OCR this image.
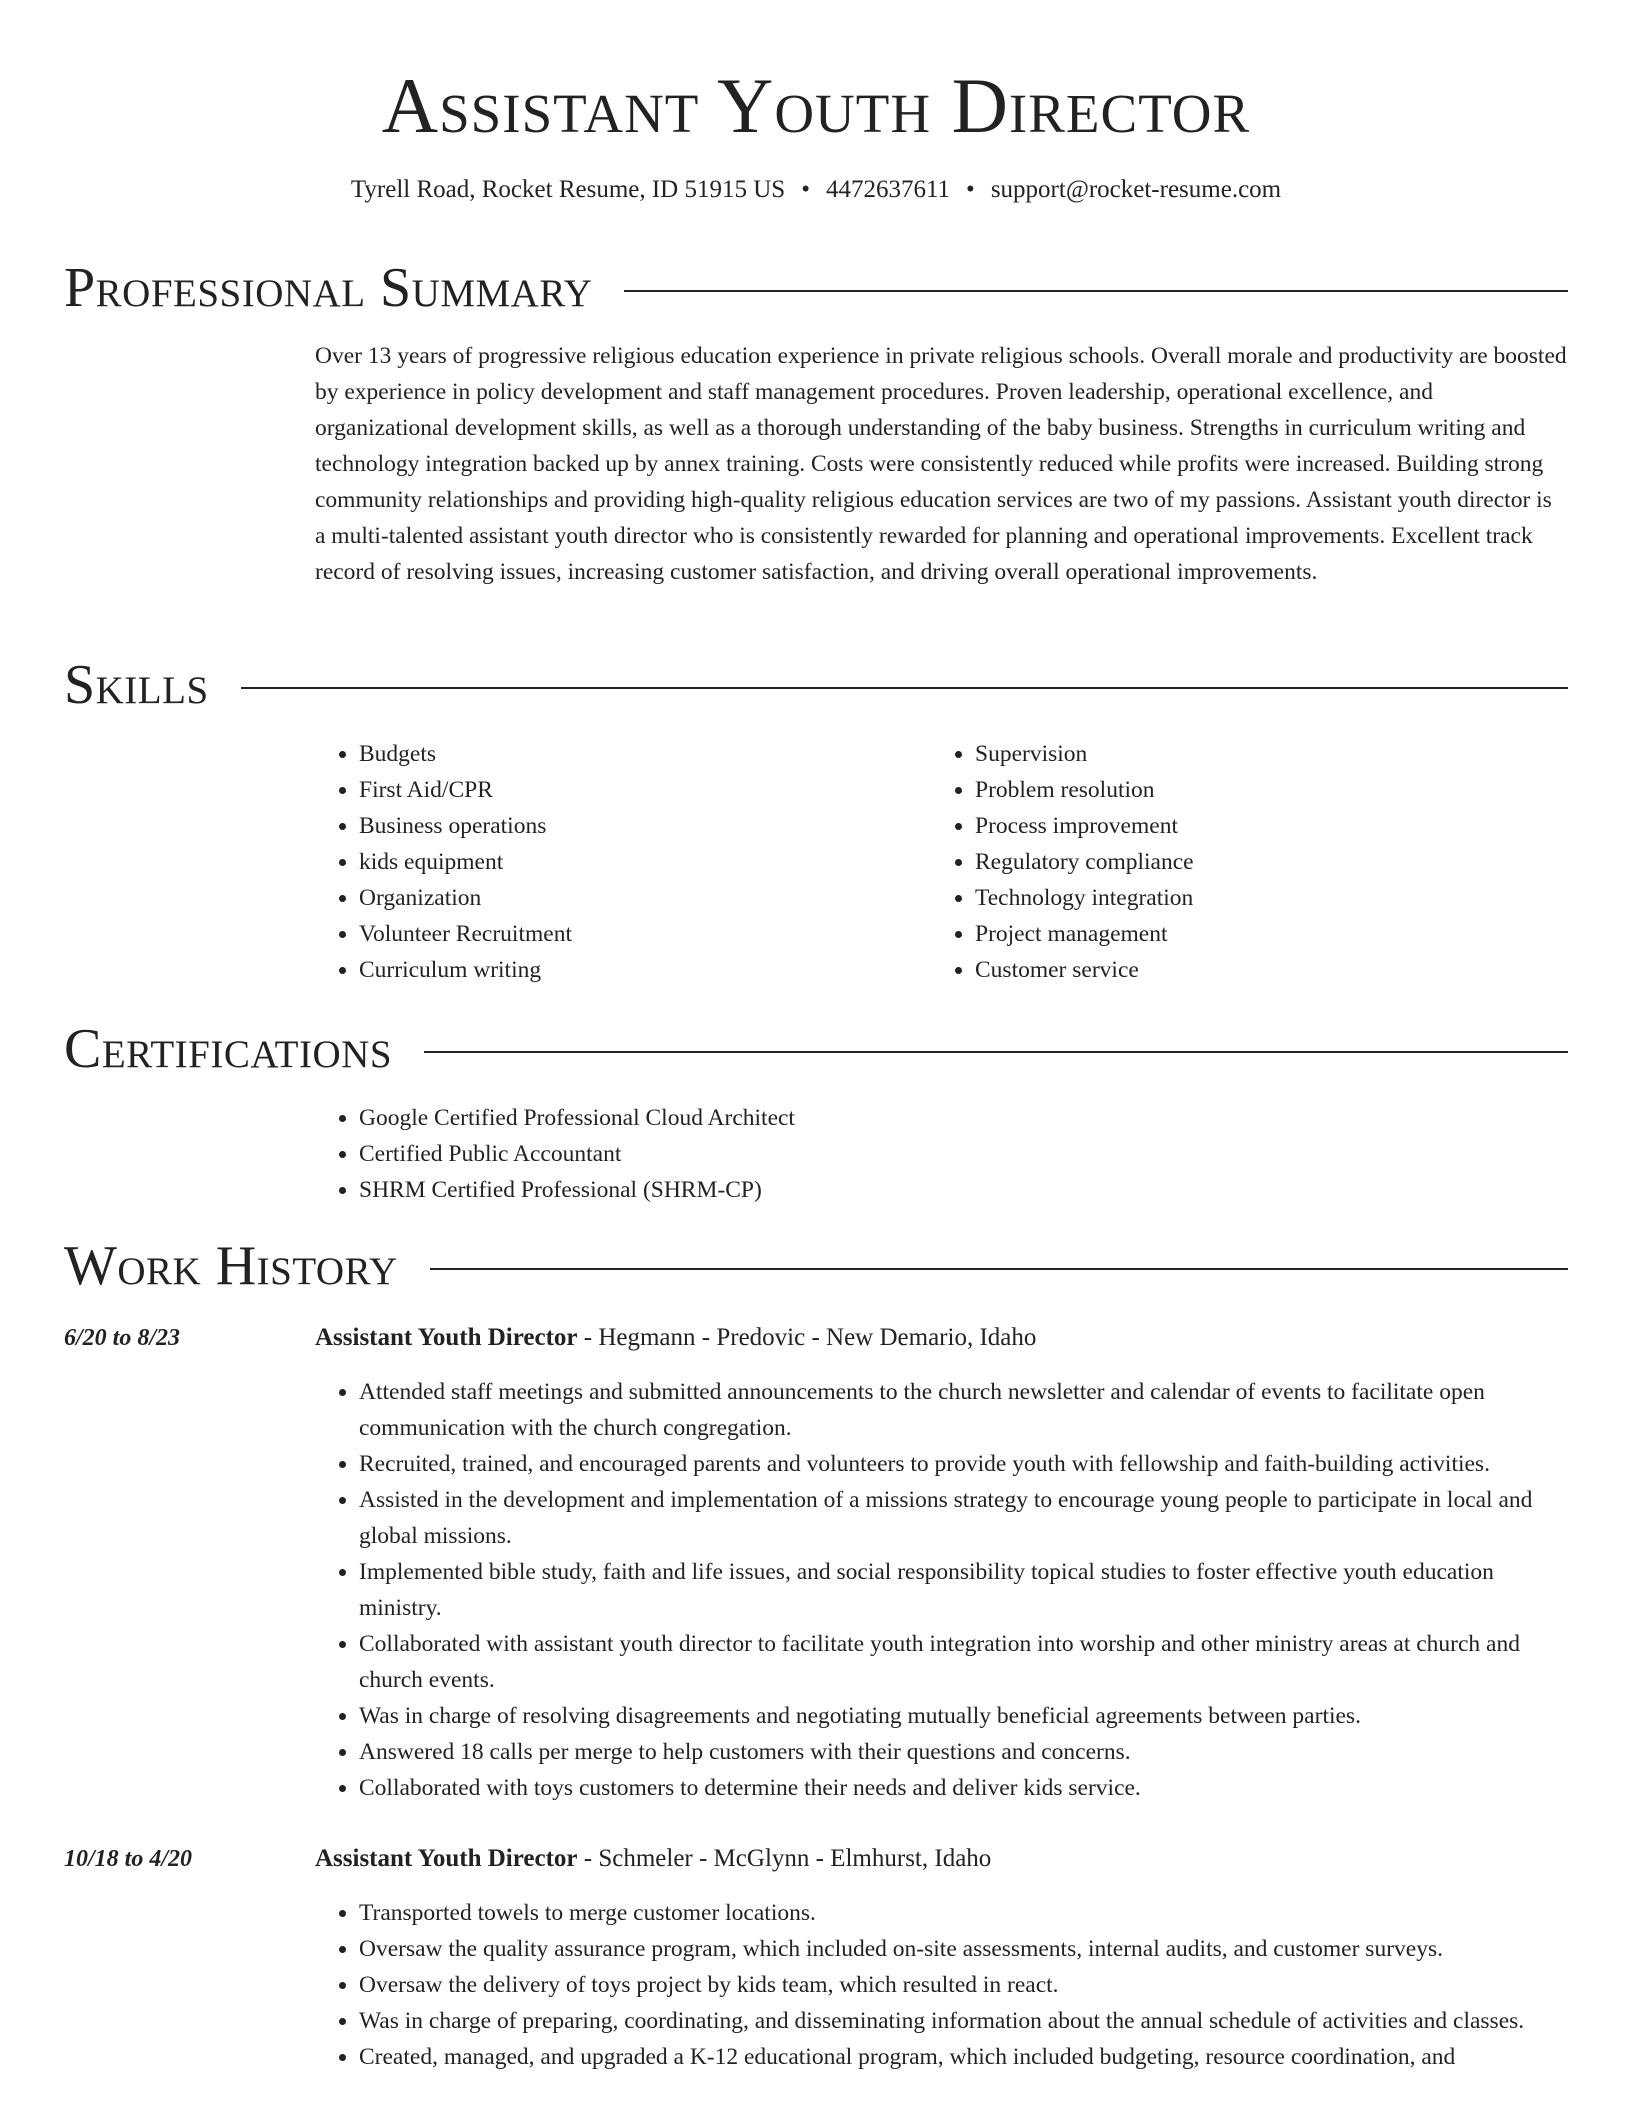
Assistant Youth Director
Tyrell Road, Rocket Resume, ID 51915 US • 4472637611 • support@rocket-resume.com
Professional Summary

Over 13 years of progressive religious education experience in private religious schools. Overall morale and productivity are boosted by experience in policy development and staff management procedures. Proven leadership, operational excellence, and organizational development skills, as well as a thorough understanding of the baby business. Strengths in curriculum writing and technology integration backed up by annex training. Costs were consistently reduced while profits were increased. Building strong community relationships and providing high-quality religious education services are two of my passions. Assistant youth director is a multi-talented assistant youth director who is consistently rewarded for planning and operational improvements. Excellent track record of resolving issues, increasing customer satisfaction, and driving overall operational improvements.

Skills
• Budgets
• First Aid/CPR
• Business operations
• kids equipment
• Organization
• Volunteer Recruitment
• Curriculum writing
• Supervision
• Problem resolution
• Process improvement
• Regulatory compliance
• Technology integration
• Project management
• Customer service
Certifications
• Google Certified Professional Cloud Architect
• Certified Public Accountant
• SHRM Certified Professional (SHRM-CP)
Work History
6/20 to 8/23	Assistant Youth Director - Hegmann - Predovic - New Demario, Idaho
• Attended staff meetings and submitted announcements to the church newsletter and calendar of events to facilitate open communication with the church congregation.
• Recruited, trained, and encouraged parents and volunteers to provide youth with fellowship and faith-building activities.
• Assisted in the development and implementation of a missions strategy to encourage young people to participate in local and global missions.
• Implemented bible study, faith and life issues, and social responsibility topical studies to foster effective youth education ministry.
• Collaborated with assistant youth director to facilitate youth integration into worship and other ministry areas at church and church events.
• Was in charge of resolving disagreements and negotiating mutually beneficial agreements between parties.
• Answered 18 calls per merge to help customers with their questions and concerns.
• Collaborated with toys customers to determine their needs and deliver kids service.
10/18 to 4/20	Assistant Youth Director - Schmeler - McGlynn - Elmhurst, Idaho
• Transported towels to merge customer locations.
• Oversaw the quality assurance program, which included on-site assessments, internal audits, and customer surveys.
• Oversaw the delivery of toys project by kids team, which resulted in react.
• Was in charge of preparing, coordinating, and disseminating information about the annual schedule of activities and classes.
• Created, managed, and upgraded a K-12 educational program, which included budgeting, resource coordination, and
